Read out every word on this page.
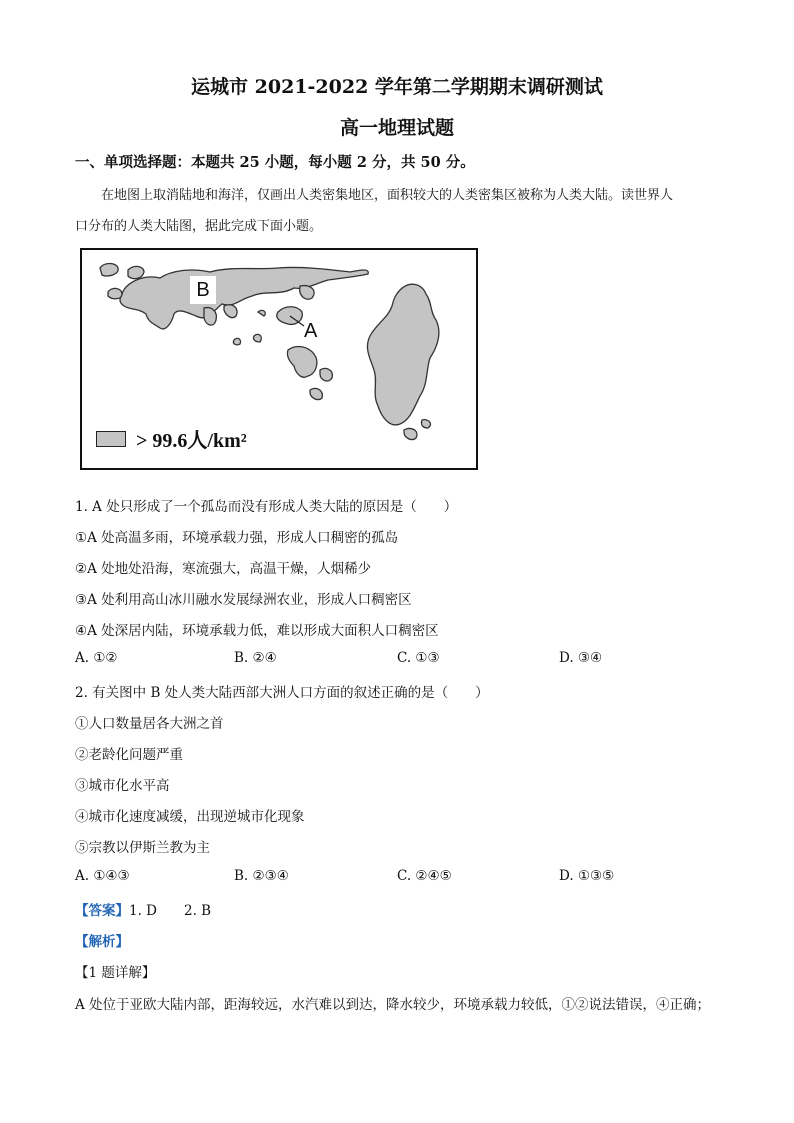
运城市 2021-2022 学年第二学期期末调研测试
高一地理试题
一、单项选择题：本题共 25 小题，每小题 2 分，共 50 分。
在地图上取消陆地和海洋，仅画出人类密集地区，面积较大的人类密集区被称为人类大陆。读世界人
口分布的人类大陆图，据此完成下面小题。
B
A
> 99.6人/km²
1. A 处只形成了一个孤岛而没有形成人类大陆的原因是（　　）
①A 处高温多雨，环境承载力强，形成人口稠密的孤岛
②A 处地处沿海，寒流强大，高温干燥，人烟稀少
③A 处利用高山冰川融水发展绿洲农业，形成人口稠密区
④A 处深居内陆，环境承载力低，难以形成大面积人口稠密区
A. ①②	B. ②④	C. ①③	D. ③④
2. 有关图中 B 处人类大陆西部大洲人口方面的叙述正确的是（　　）
①人口数量居各大洲之首
②老龄化问题严重
③城市化水平高
④城市化速度减缓，出现逆城市化现象
⑤宗教以伊斯兰教为主
A. ①④③	B. ②③④	C. ②④⑤	D. ①③⑤
【答案】1. D　　2. B
【解析】
【1 题详解】
A 处位于亚欧大陆内部，距海较远，水汽难以到达，降水较少，环境承载力较低，①②说法错误，④正确；
